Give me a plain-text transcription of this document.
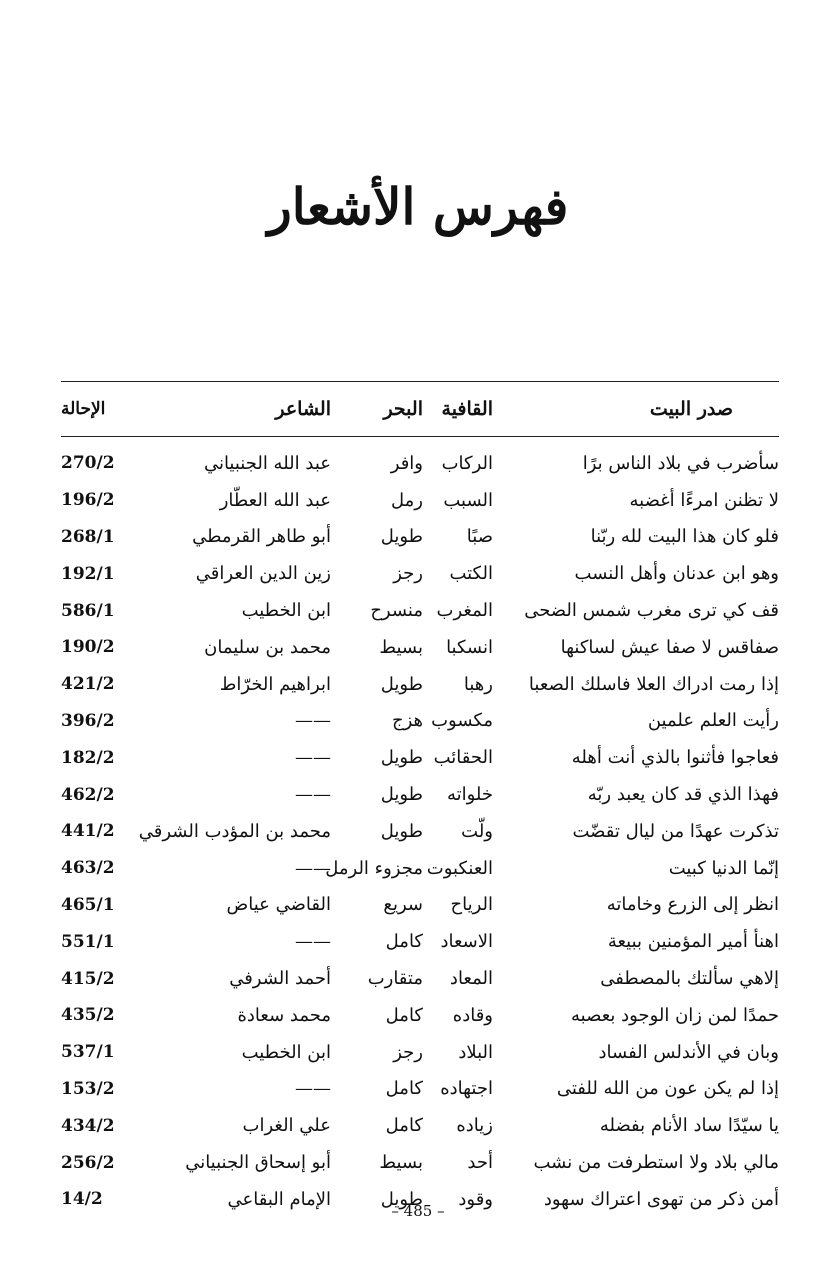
فهرس الأشعار
صدر البيت	القافية	البحر	الشاعر	الإحالة
سأضرب في بلاد الناس برًا	الركاب	وافر	عبد الله الجنبياني	270/2
لا تظنن امرءًا أغضبه	السبب	رمل	عبد الله العطّار	196/2
فلو كان هذا البيت لله ربّنا	صبًا	طويل	أبو طاهر القرمطي	268/1
وهو ابن عدنان وأهل النسب	الكتب	رجز	زين الدين العراقي	192/1
قف كي ترى مغرب شمس الضحى	المغرب	منسرح	ابن الخطيب	586/1
صفاقس لا صفا عيش لساكنها	انسكبا	بسيط	محمد بن سليمان	190/2
إذا رمت ادراك العلا فاسلك الصعبا	رهبا	طويل	ابراهيم الخرّاط	421/2
رأيت العلم علمين	مكسوب	هزج	——	396/2
فعاجوا فأثنوا بالذي أنت أهله	الحقائب	طويل	——	182/2
فهذا الذي قد كان يعبد ربّه	خلواته	طويل	——	462/2
تذكرت عهدًا من ليال تقضّت	ولّت	طويل	محمد بن المؤدب الشرقي	441/2
إنّما الدنيا كبيت	العنكبوت	مجزوء الرمل	——	463/2
انظر إلى الزرع وخاماته	الرياح	سريع	القاضي عياض	465/1
اهنأ أمير المؤمنين ببيعة	الاسعاد	كامل	——	551/1
إلاهي سألتك بالمصطفى	المعاد	متقارب	أحمد الشرفي	415/2
حمدًا لمن زان الوجود بعصبه	وقاده	كامل	محمد سعادة	435/2
وبان في الأندلس الفساد	البلاد	رجز	ابن الخطيب	537/1
إذا لم يكن عون من الله للفتى	اجتهاده	كامل	——	153/2
يا سيّدًا ساد الأنام بفضله	زياده	كامل	علي الغراب	434/2
مالي بلاد ولا استطرفت من نشب	أحد	بسيط	أبو إسحاق الجنبياني	256/2
أمن ذكر من تهوى اعتراك سهود	وقود	طويل	الإمام البقاعي	14/2
– 485 –
